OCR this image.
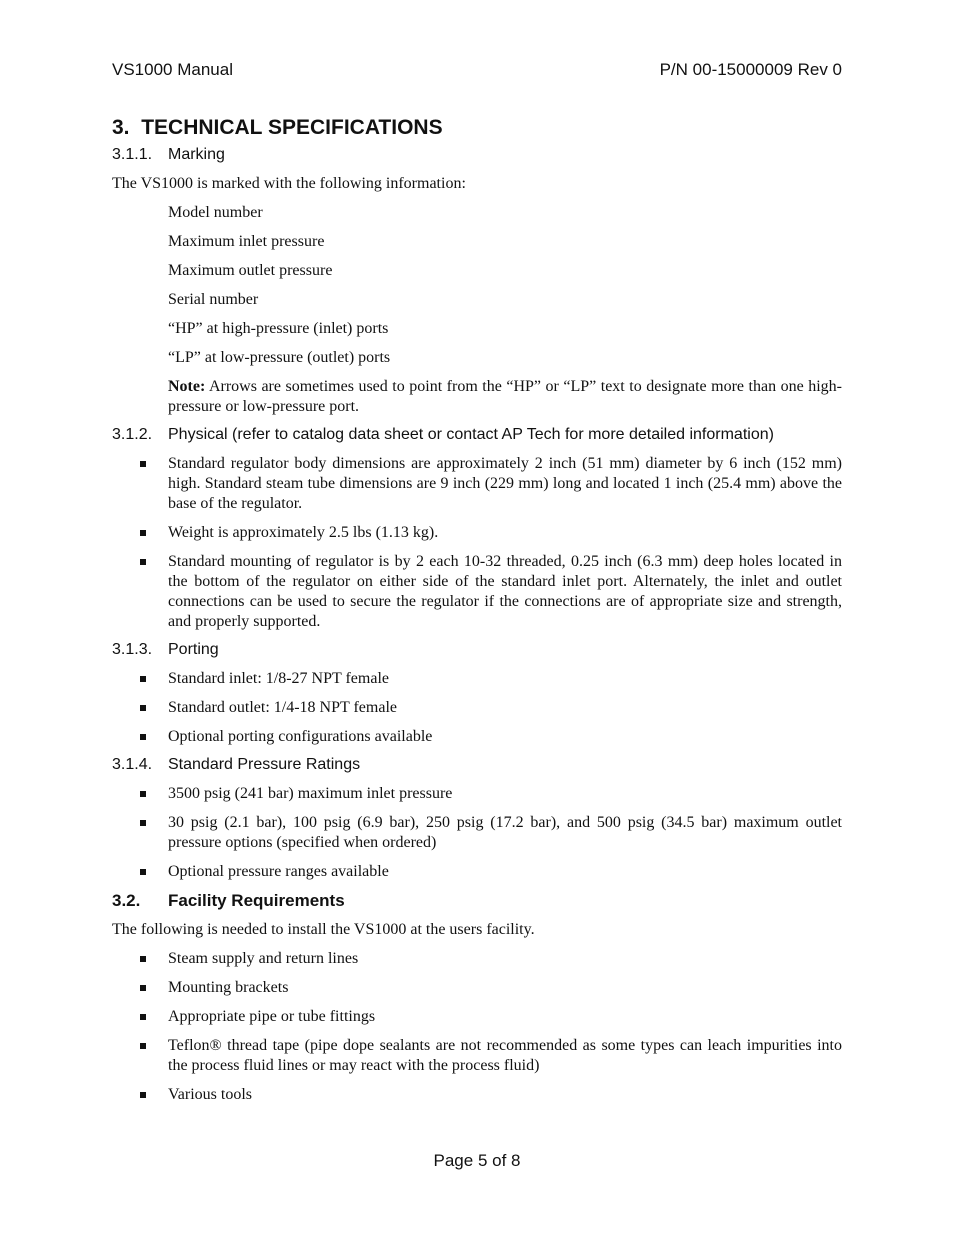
VS1000 Manual	P/N 00-15000009 Rev 0
3. TECHNICAL SPECIFICATIONS
3.1.1. Marking

The VS1000 is marked with the following information:

Model number
Maximum inlet pressure
Maximum outlet pressure
Serial number
“HP” at high-pressure (inlet) ports
“LP” at low-pressure (outlet) ports

Note: Arrows are sometimes used to point from the “HP” or “LP” text to designate more than one high-pressure or low-pressure port.

3.1.2. Physical (refer to catalog data sheet or contact AP Tech for more detailed information)
Standard regulator body dimensions are approximately 2 inch (51 mm) diameter by 6 inch (152 mm) high. Standard steam tube dimensions are 9 inch (229 mm) long and located 1 inch (25.4 mm) above the base of the regulator.
Weight is approximately 2.5 lbs (1.13 kg).
Standard mounting of regulator is by 2 each 10-32 threaded, 0.25 inch (6.3 mm) deep holes located in the bottom of the regulator on either side of the standard inlet port. Alternately, the inlet and outlet connections can be used to secure the regulator if the connections are of appropriate size and strength, and properly supported.
3.1.3. Porting
Standard inlet: 1/8-27 NPT female
Standard outlet: 1/4-18 NPT female
Optional porting configurations available
3.1.4. Standard Pressure Ratings
3500 psig (241 bar) maximum inlet pressure
30 psig (2.1 bar), 100 psig (6.9 bar), 250 psig (17.2 bar), and 500 psig (34.5 bar) maximum outlet pressure options (specified when ordered)
Optional pressure ranges available
3.2.	Facility Requirements

The following is needed to install the VS1000 at the users facility.

Steam supply and return lines
Mounting brackets
Appropriate pipe or tube fittings
Teflon® thread tape (pipe dope sealants are not recommended as some types can leach impurities into the process fluid lines or may react with the process fluid)
Various tools
Page 5 of 8
